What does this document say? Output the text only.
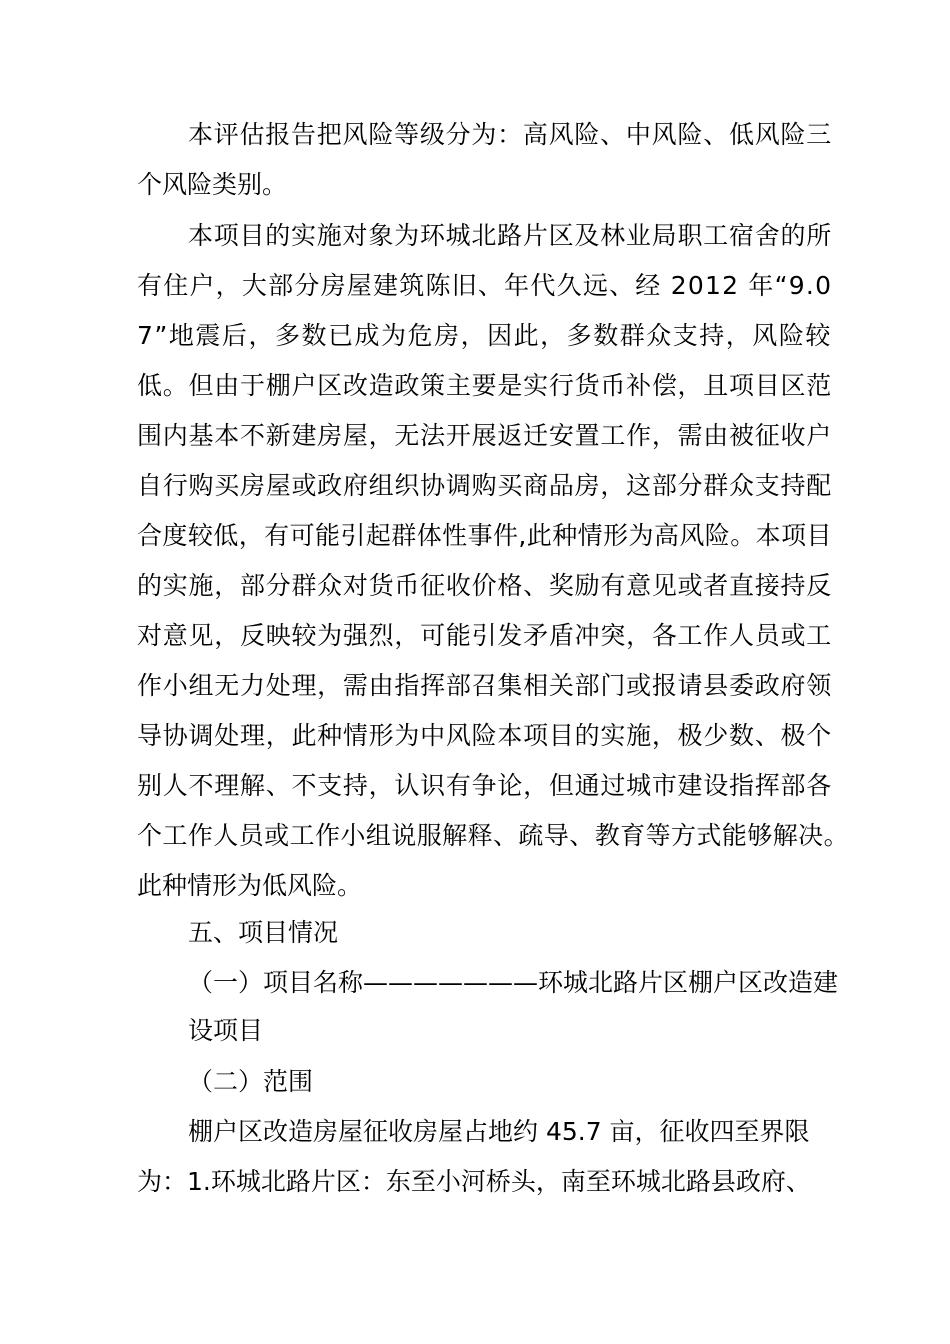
本评估报告把风险等级分为：高风险、中风险、低风险三
个风险类别。
本项目的实施对象为环城北路片区及林业局职工宿舍的所
有住户，大部分房屋建筑陈旧、年代久远、经 2012 年“9.0
7”地震后，多数已成为危房，因此，多数群众支持，风险较
低。但由于棚户区改造政策主要是实行货币补偿，且项目区范
围内基本不新建房屋，无法开展返迁安置工作，需由被征收户
自行购买房屋或政府组织协调购买商品房，这部分群众支持配
合度较低，有可能引起群体性事件,此种情形为高风险。本项目
的实施，部分群众对货币征收价格、奖励有意见或者直接持反
对意见，反映较为强烈，可能引发矛盾冲突，各工作人员或工
作小组无力处理，需由指挥部召集相关部门或报请县委政府领
导协调处理，此种情形为中风险本项目的实施，极少数、极个
别人不理解、不支持，认识有争论，但通过城市建设指挥部各
个工作人员或工作小组说服解释、疏导、教育等方式能够解决。
此种情形为低风险。
五、项目情况
（一）项目名称———————环城北路片区棚户区改造建
设项目
（二）范围
棚户区改造房屋征收房屋占地约 45.7 亩，征收四至界限
为：1.环城北路片区：东至小河桥头，南至环城北路县政府、
